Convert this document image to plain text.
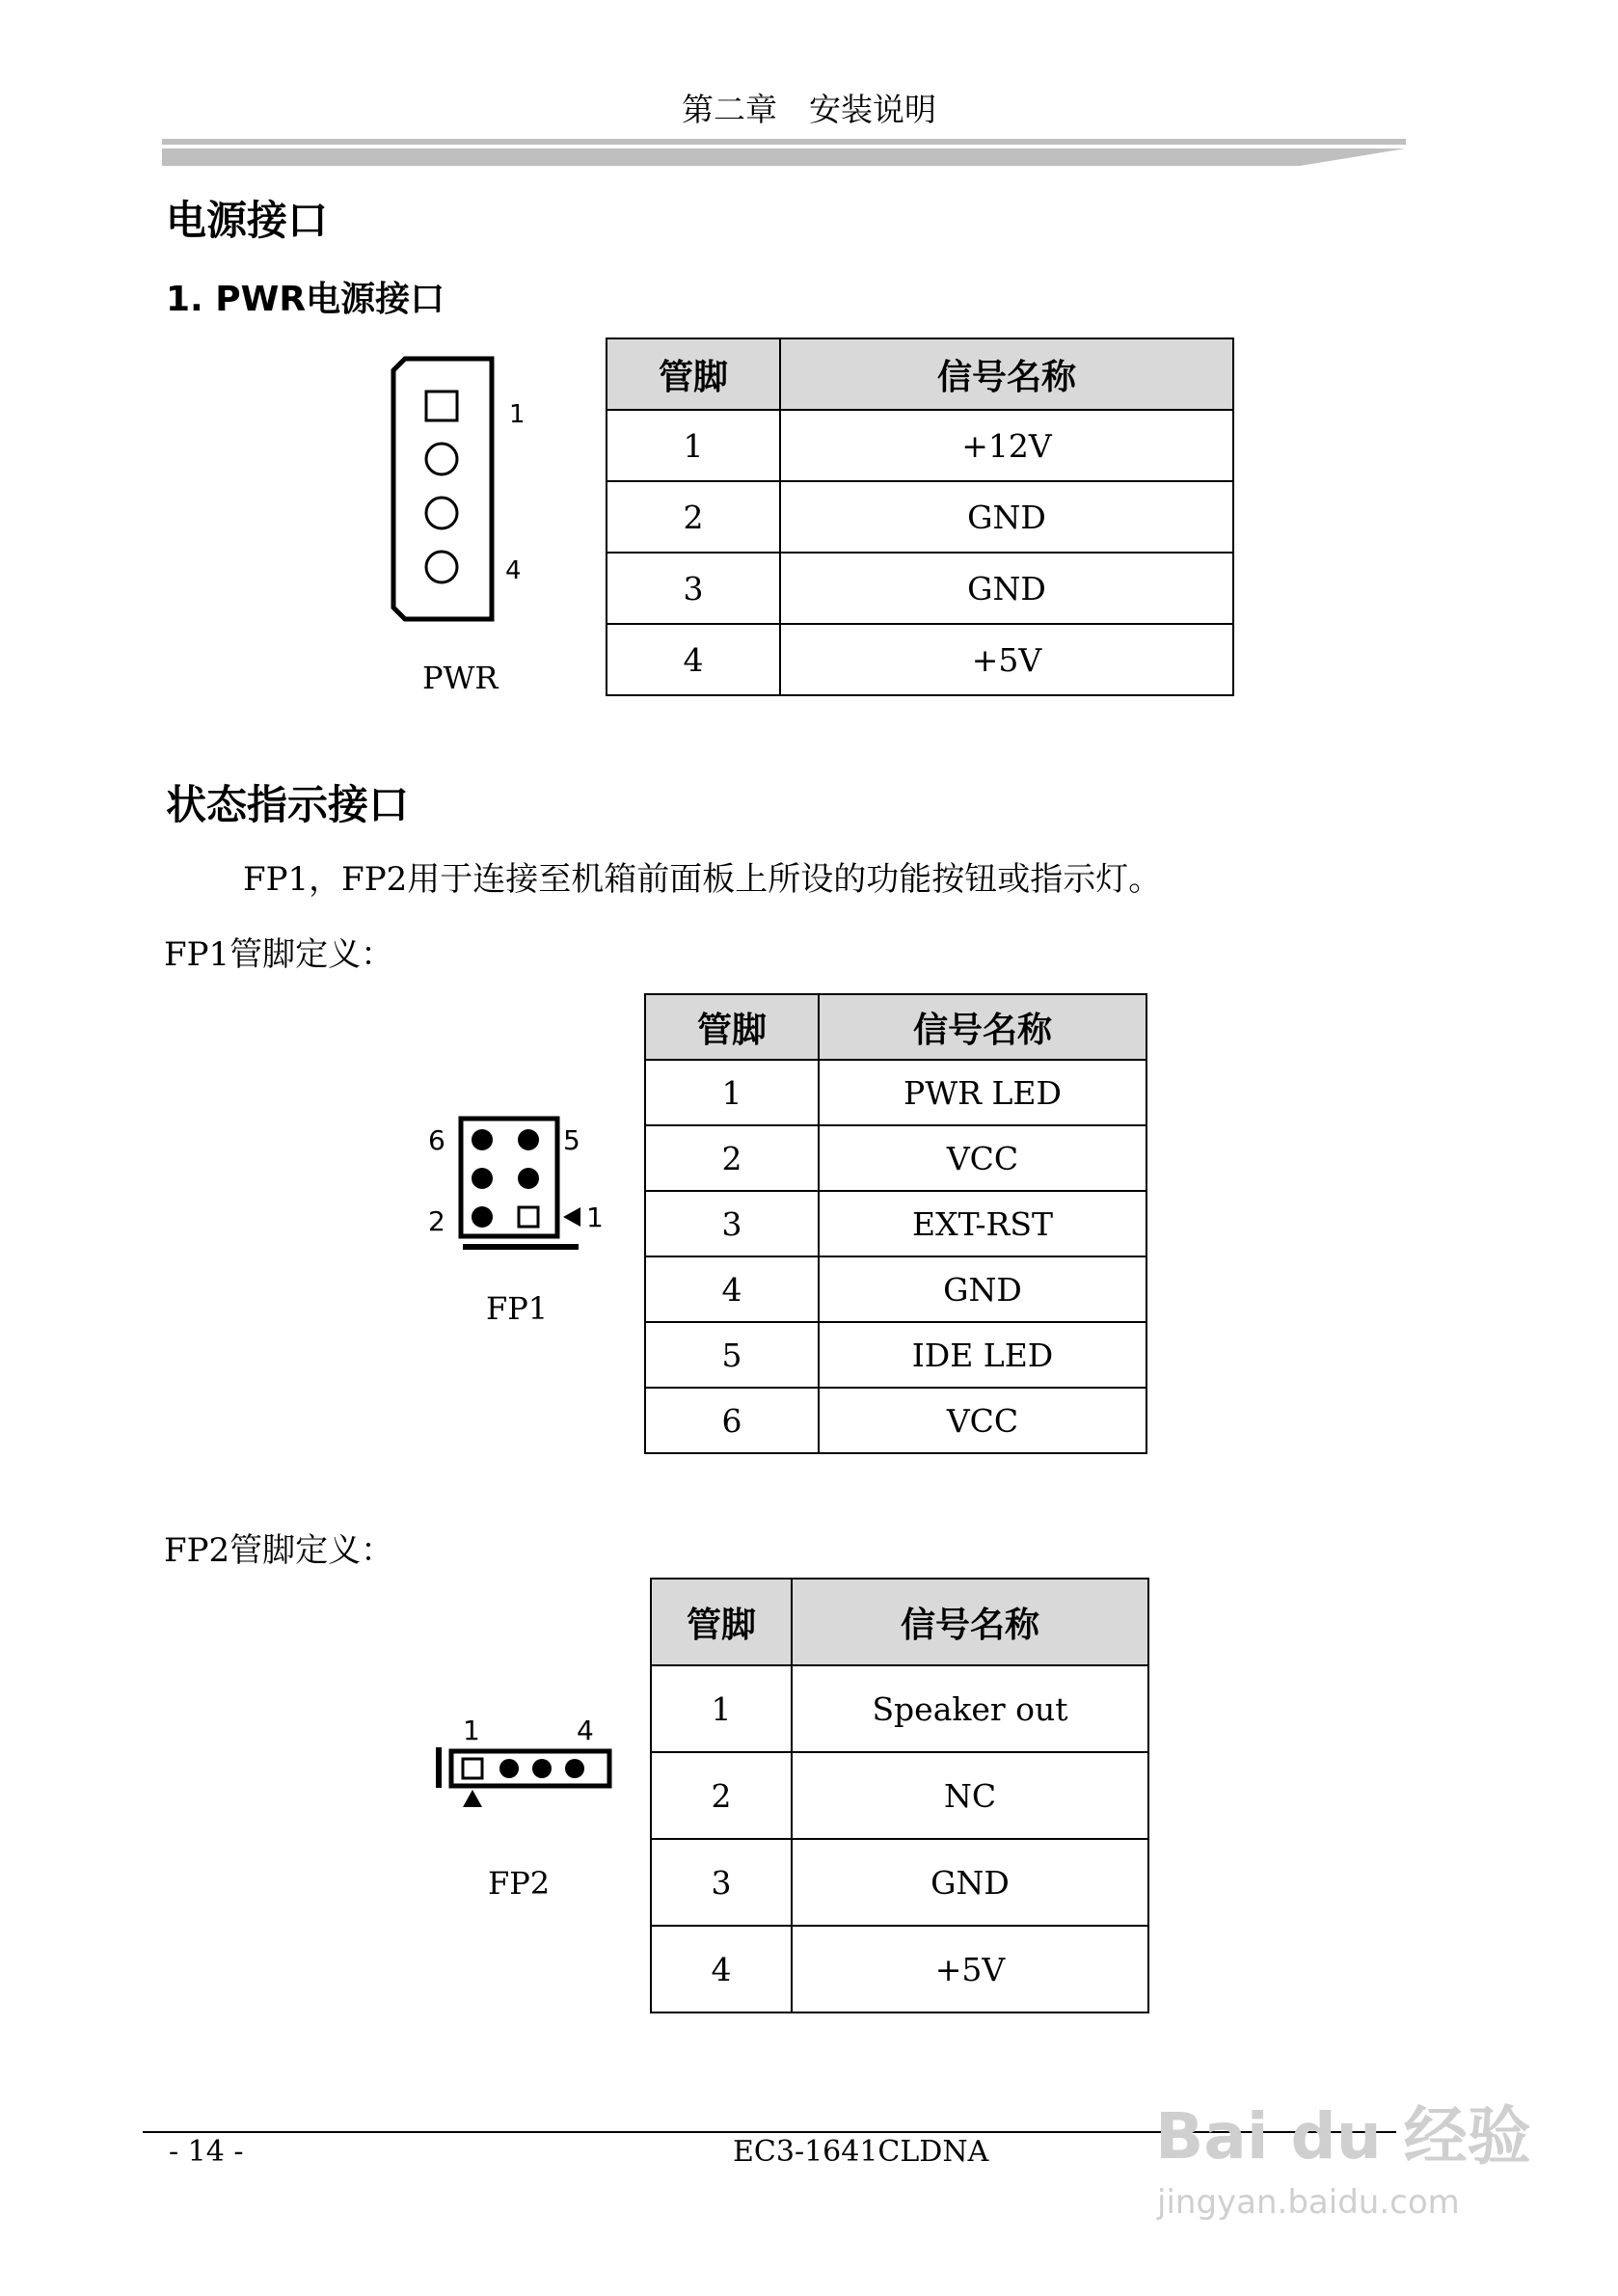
第二章　安装说明
电源接口
1. PWR电源接口
1
4
PWR
管脚	信号名称
1	+12V
2	GND
3	GND
4	+5V
状态指示接口
FP1，FP2用于连接至机箱前面板上所设的功能按钮或指示灯。
FP1管脚定义：
6	5
2	1
FP1
管脚	信号名称
1	PWR LED
2	VCC
3	EXT-RST
4	GND
5	IDE LED
6	VCC
FP2管脚定义：
1	4
FP2
管脚	信号名称
1	Speaker out
2	NC
3	GND
4	+5V
- 14 -	EC3-1641CLDNA	Bai du 经验
jingyan.baidu.com
